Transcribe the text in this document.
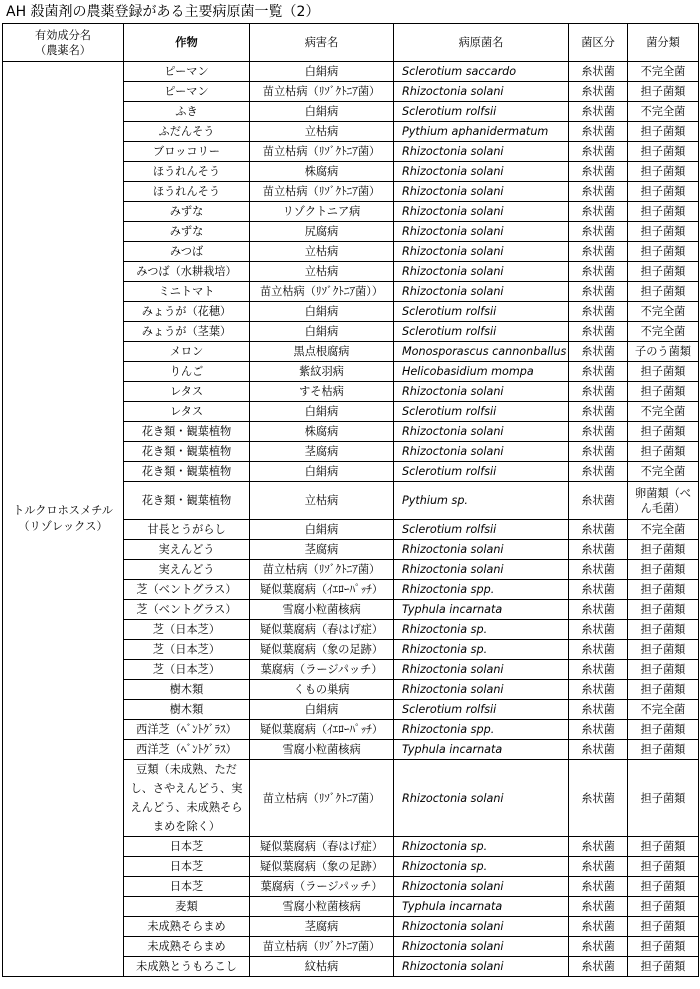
AH 殺菌剤の農薬登録がある主要病原菌一覧（2）
有効成分名
（農薬名）	作物	病害名	病原菌名	菌区分	菌分類
トルクロホスメチル
（リゾレックス）	ピーマン	白絹病	Sclerotium saccardo	糸状菌	不完全菌
	ピーマン	苗立枯病（ﾘｿﾞｸﾄﾆｱ菌）	Rhizoctonia solani	糸状菌	担子菌類
	ふき	白絹病	Sclerotium rolfsii	糸状菌	不完全菌
	ふだんそう	立枯病	Pythium aphanidermatum	糸状菌	担子菌類
	ブロッコリー	苗立枯病（ﾘｿﾞｸﾄﾆｱ菌）	Rhizoctonia solani	糸状菌	担子菌類
	ほうれんそう	株腐病	Rhizoctonia solani	糸状菌	担子菌類
	ほうれんそう	苗立枯病（ﾘｿﾞｸﾄﾆｱ菌）	Rhizoctonia solani	糸状菌	担子菌類
	みずな	リゾクトニア病	Rhizoctonia solani	糸状菌	担子菌類
	みずな	尻腐病	Rhizoctonia solani	糸状菌	担子菌類
	みつば	立枯病	Rhizoctonia solani	糸状菌	担子菌類
	みつば（水耕栽培）	立枯病	Rhizoctonia solani	糸状菌	担子菌類
	ミニトマト	苗立枯病（ﾘｿﾞｸﾄﾆｱ菌））	Rhizoctonia solani	糸状菌	担子菌類
	みょうが（花穂）	白絹病	Sclerotium rolfsii	糸状菌	不完全菌
	みょうが（茎葉）	白絹病	Sclerotium rolfsii	糸状菌	不完全菌
	メロン	黒点根腐病	Monosporascus cannonballus	糸状菌	子のう菌類
	りんご	紫紋羽病	Helicobasidium mompa	糸状菌	担子菌類
	レタス	すそ枯病	Rhizoctonia solani	糸状菌	担子菌類
	レタス	白絹病	Sclerotium rolfsii	糸状菌	不完全菌
	花き類・観葉植物	株腐病	Rhizoctonia solani	糸状菌	担子菌類
	花き類・観葉植物	茎腐病	Rhizoctonia solani	糸状菌	担子菌類
	花き類・観葉植物	白絹病	Sclerotium rolfsii	糸状菌	不完全菌
	花き類・観葉植物	立枯病	Pythium sp.	糸状菌	卵菌類（べん毛菌）
	甘長とうがらし	白絹病	Sclerotium rolfsii	糸状菌	不完全菌
	実えんどう	茎腐病	Rhizoctonia solani	糸状菌	担子菌類
	実えんどう	苗立枯病（ﾘｿﾞｸﾄﾆｱ菌）	Rhizoctonia solani	糸状菌	担子菌類
	芝（ベントグラス）	疑似葉腐病（ｲｴﾛｰﾊﾟｯﾁ）	Rhizoctonia spp.	糸状菌	担子菌類
	芝（ベントグラス）	雪腐小粒菌核病	Typhula incarnata	糸状菌	担子菌類
	芝（日本芝）	疑似葉腐病（春はげ症）	Rhizoctonia sp.	糸状菌	担子菌類
	芝（日本芝）	疑似葉腐病（象の足跡）	Rhizoctonia sp.	糸状菌	担子菌類
	芝（日本芝）	葉腐病（ラージパッチ）	Rhizoctonia solani	糸状菌	担子菌類
	樹木類	くもの巣病	Rhizoctonia solani	糸状菌	担子菌類
	樹木類	白絹病	Sclerotium rolfsii	糸状菌	不完全菌
	西洋芝（ﾍﾞﾝﾄｸﾞﾗｽ）	疑似葉腐病（ｲｴﾛｰﾊﾟｯﾁ）	Rhizoctonia spp.	糸状菌	担子菌類
	西洋芝（ﾍﾞﾝﾄｸﾞﾗｽ）	雪腐小粒菌核病	Typhula incarnata	糸状菌	担子菌類
	豆類（未成熟、ただし、さやえんどう、実えんどう、未成熟そらまめを除く）	苗立枯病（ﾘｿﾞｸﾄﾆｱ菌）	Rhizoctonia solani	糸状菌	担子菌類
	日本芝	疑似葉腐病（春はげ症）	Rhizoctonia sp.	糸状菌	担子菌類
	日本芝	疑似葉腐病（象の足跡）	Rhizoctonia sp.	糸状菌	担子菌類
	日本芝	葉腐病（ラージパッチ）	Rhizoctonia solani	糸状菌	担子菌類
	麦類	雪腐小粒菌核病	Typhula incarnata	糸状菌	担子菌類
	未成熟そらまめ	茎腐病	Rhizoctonia solani	糸状菌	担子菌類
	未成熟そらまめ	苗立枯病（ﾘｿﾞｸﾄﾆｱ菌）	Rhizoctonia solani	糸状菌	担子菌類
	未成熟とうもろこし	紋枯病	Rhizoctonia solani	糸状菌	担子菌類
